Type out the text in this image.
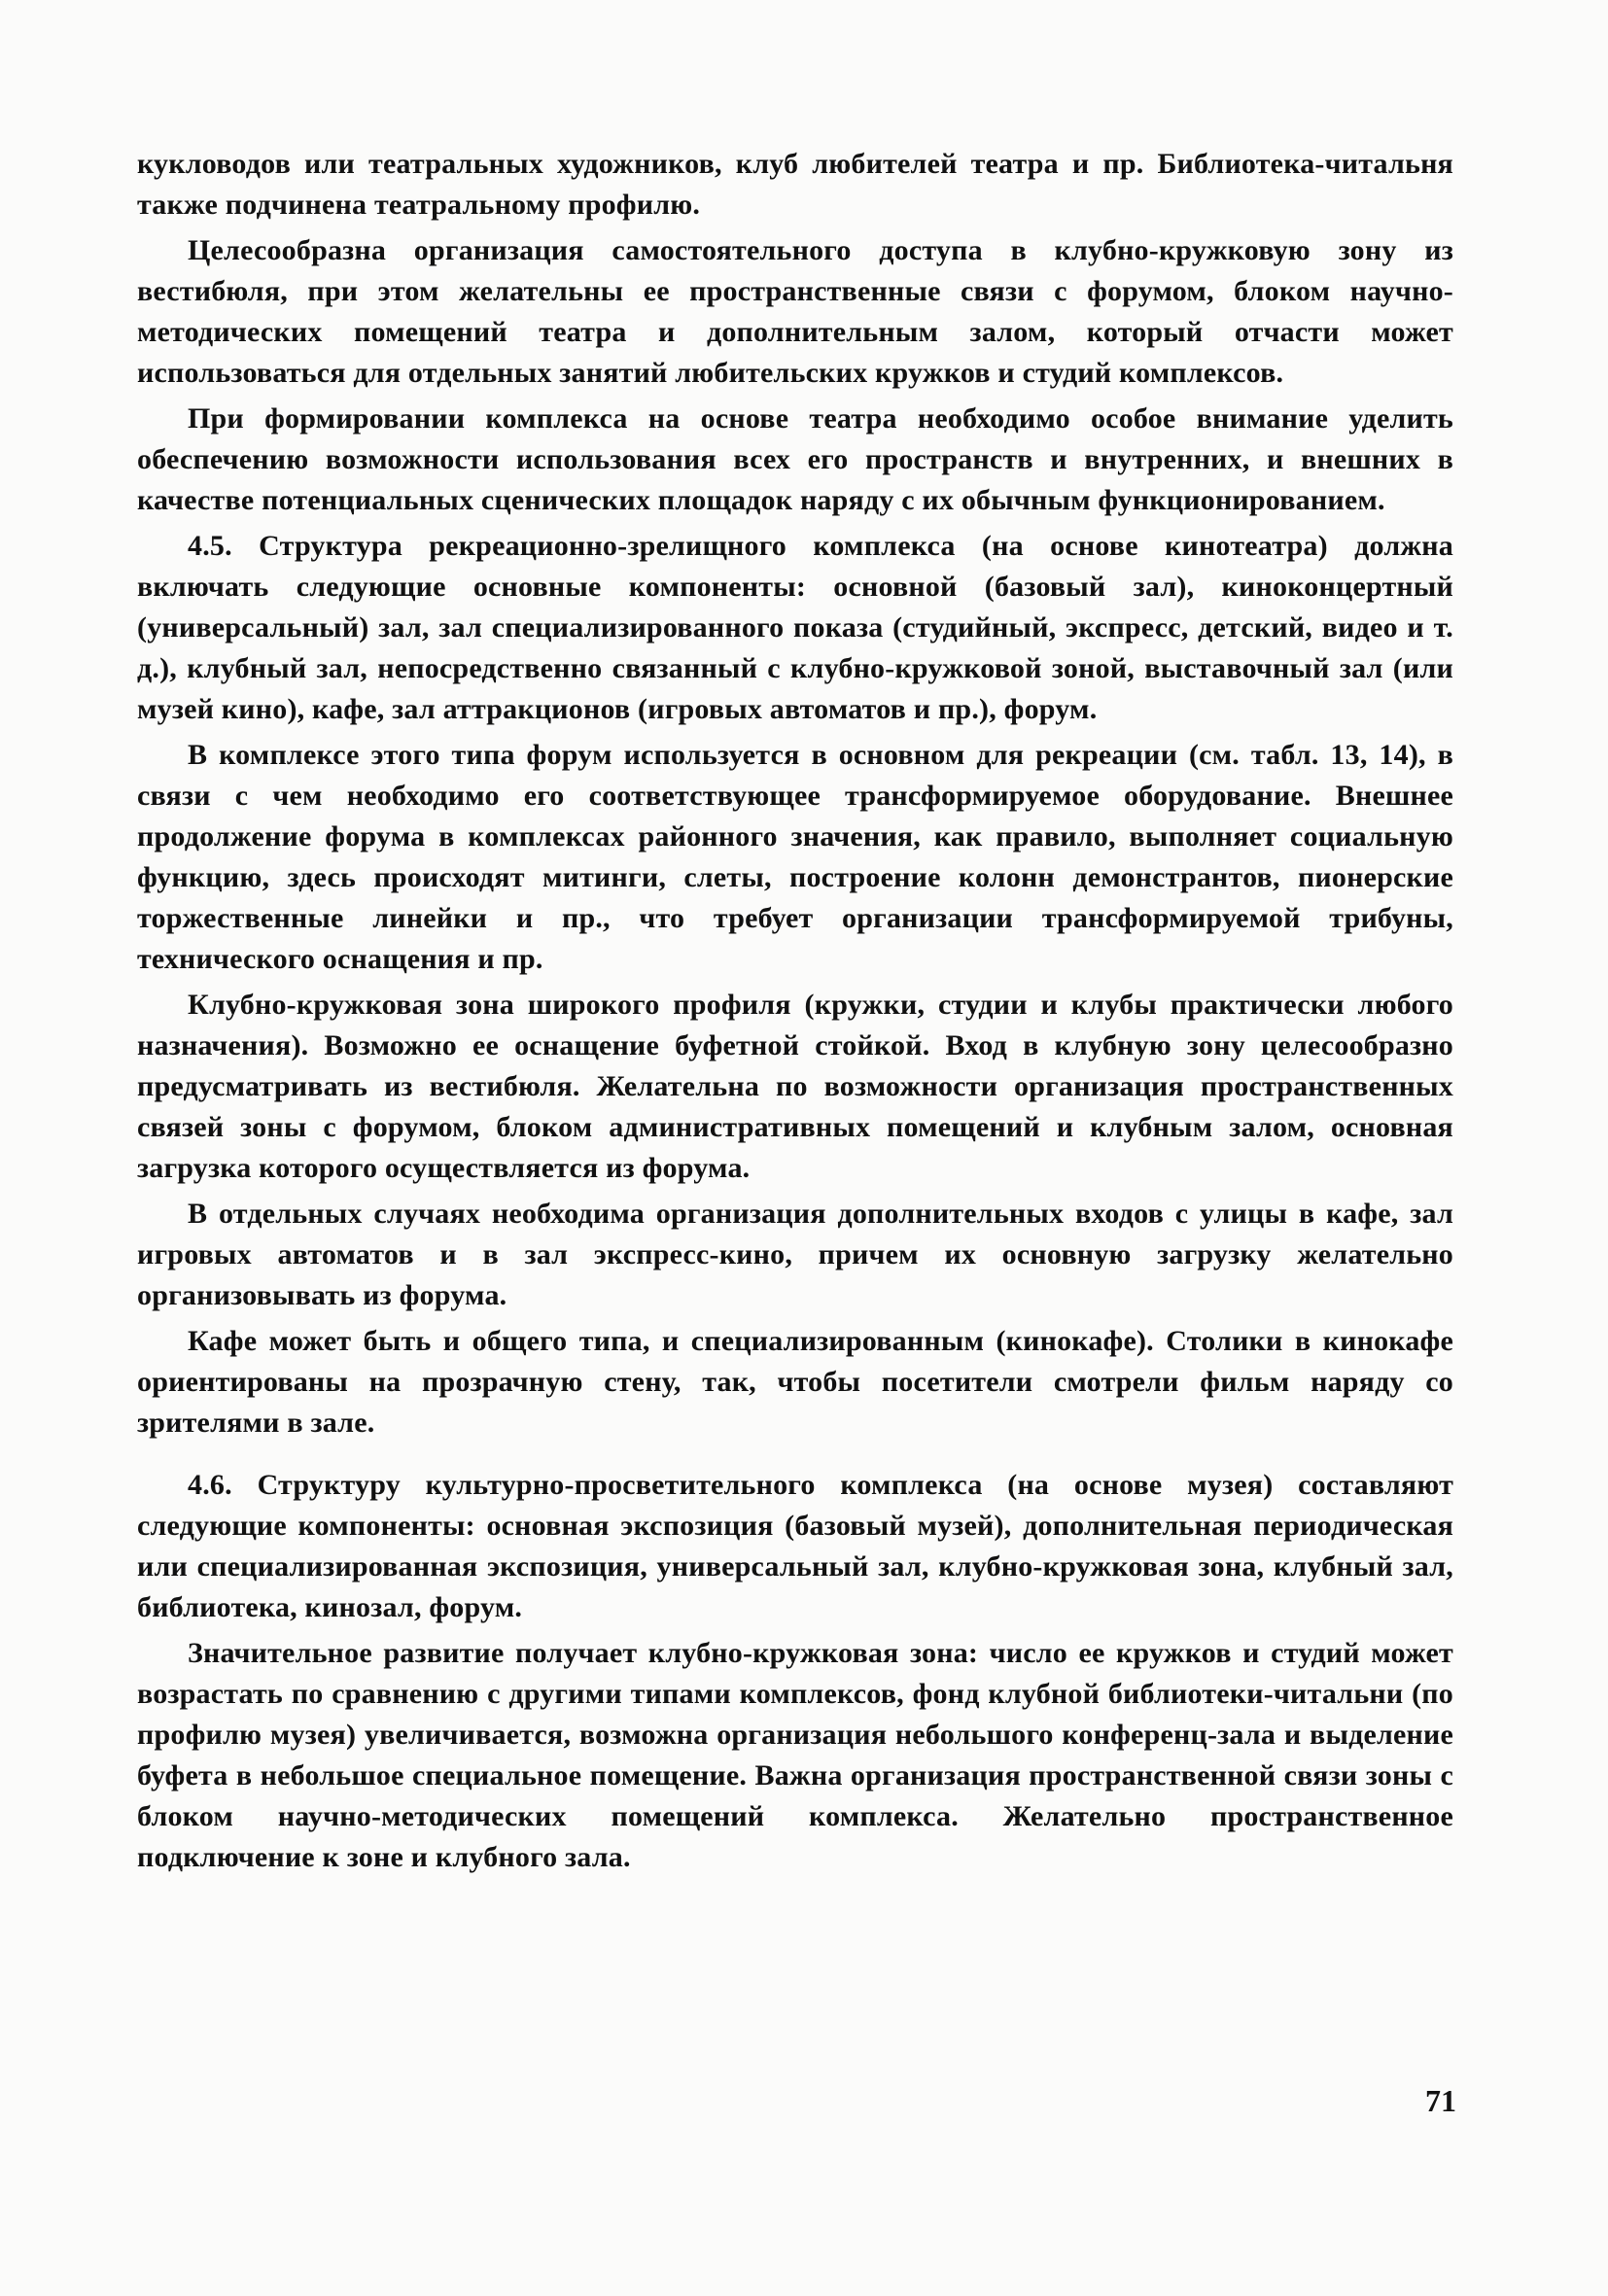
кукловодов или театральных художников, клуб любителей театра и пр. Библиотека-читальня также подчинена театральному профилю.

Целесообразна организация самостоятельного доступа в клубно-кружковую зону из вестибюля, при этом желательны ее пространственные связи с форумом, блоком научно-методических помещений театра и дополнительным залом, который отчасти может использоваться для отдельных занятий любительских кружков и студий комплексов.

При формировании комплекса на основе театра необходимо особое внимание уделить обеспечению возможности использования всех его пространств и внутренних, и внешних в качестве потенциальных сценических площадок наряду с их обычным функционированием.

4.5. Структура рекреационно-зрелищного комплекса (на основе кинотеатра) должна включать следующие основные компоненты: основной (базовый зал), киноконцертный (универсальный) зал, зал специализированного показа (студийный, экспресс, детский, видео и т. д.), клубный зал, непосредственно связанный с клубно-кружковой зоной, выставочный зал (или музей кино), кафе, зал аттракционов (игровых автоматов и пр.), форум.

В комплексе этого типа форум используется в основном для рекреации (см. табл. 13, 14), в связи с чем необходимо его соответствующее трансформируемое оборудование. Внешнее продолжение форума в комплексах районного значения, как правило, выполняет социальную функцию, здесь происходят митинги, слеты, построение колонн демонстрантов, пионерские торжественные линейки и пр., что требует организации трансформируемой трибуны, технического оснащения и пр.

Клубно-кружковая зона широкого профиля (кружки, студии и клубы практически любого назначения). Возможно ее оснащение буфетной стойкой. Вход в клубную зону целесообразно предусматривать из вестибюля. Желательна по возможности организация пространственных связей зоны с форумом, блоком административных помещений и клубным залом, основная загрузка которого осуществляется из форума.

В отдельных случаях необходима организация дополнительных входов с улицы в кафе, зал игровых автоматов и в зал экспресс-кино, причем их основную загрузку желательно организовывать из форума.

Кафе может быть и общего типа, и специализированным (кинокафе). Столики в кинокафе ориентированы на прозрачную стену, так, чтобы посетители смотрели фильм наряду со зрителями в зале.

4.6. Структуру культурно-просветительного комплекса (на основе музея) составляют следующие компоненты: основная экспозиция (базовый музей), дополнительная периодическая или специализированная экспозиция, универсальный зал, клубно-кружковая зона, клубный зал, библиотека, кинозал, форум.

Значительное развитие получает клубно-кружковая зона: число ее кружков и студий может возрастать по сравнению с другими типами комплексов, фонд клубной библиотеки-читальни (по профилю музея) увеличивается, возможна организация небольшого конференц-зала и выделение буфета в небольшое специальное помещение. Важна организация пространственной связи зоны с блоком научно-методических помещений комплекса. Желательно пространственное подключение к зоне и клубного зала.

71
